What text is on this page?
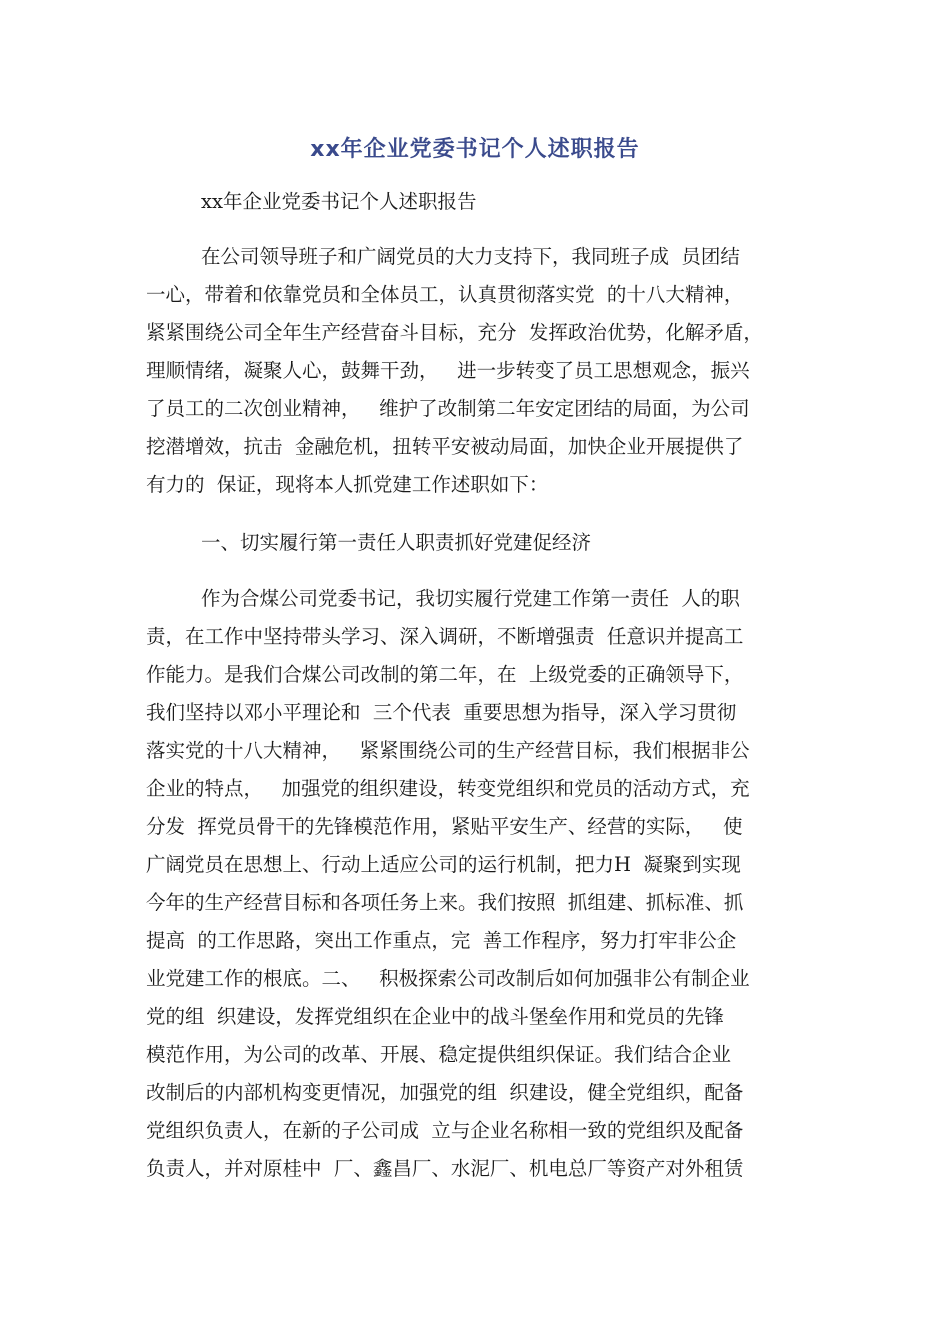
xx年企业党委书记个人述职报告
xx年企业党委书记个人述职报告
在公司领导班子和广阔党员的大力支持下，我同班子成  员团结
一心，带着和依靠党员和全体员工，认真贯彻落实党  的十八大精神，
紧紧围绕公司全年生产经营奋斗目标，充分  发挥政治优势，化解矛盾，
理顺情绪，凝聚人心，鼓舞干劲，   进一步转变了员工思想观念，振兴
了员工的二次创业精神，   维护了改制第二年安定团结的局面，为公司
挖潜增效，抗击  金融危机，扭转平安被动局面，加快企业开展提供了
有力的  保证，现将本人抓党建工作述职如下：
一、切实履行第一责任人职责抓好党建促经济
作为合煤公司党委书记，我切实履行党建工作第一责任  人的职
责，在工作中坚持带头学习、深入调研，不断增强责  任意识并提高工
作能力。是我们合煤公司改制的第二年，在  上级党委的正确领导下，
我们坚持以邓小平理论和  三个代表  重要思想为指导，深入学习贯彻
落实党的十八大精神，   紧紧围绕公司的生产经营目标，我们根据非公
企业的特点，   加强党的组织建设，转变党组织和党员的活动方式，充
分发  挥党员骨干的先锋模范作用，紧贴平安生产、经营的实际，   使
广阔党员在思想上、行动上适应公司的运行机制，把力H  凝聚到实现
今年的生产经营目标和各项任务上来。我们按照  抓组建、抓标准、抓
提高  的工作思路，突出工作重点，完  善工作程序，努力打牢非公企
业党建工作的根底。二、   积极探索公司改制后如何加强非公有制企业
党的组  织建设，发挥党组织在企业中的战斗堡垒作用和党员的先锋
模范作用，为公司的改革、开展、稳定提供组织保证。我们结合企业
改制后的内部机构变更情况，加强党的组  织建设，健全党组织，配备
党组织负责人，在新的子公司成  立与企业名称相一致的党组织及配备
负责人，并对原桂中  厂、鑫昌厂、水泥厂、机电总厂等资产对外租赁
